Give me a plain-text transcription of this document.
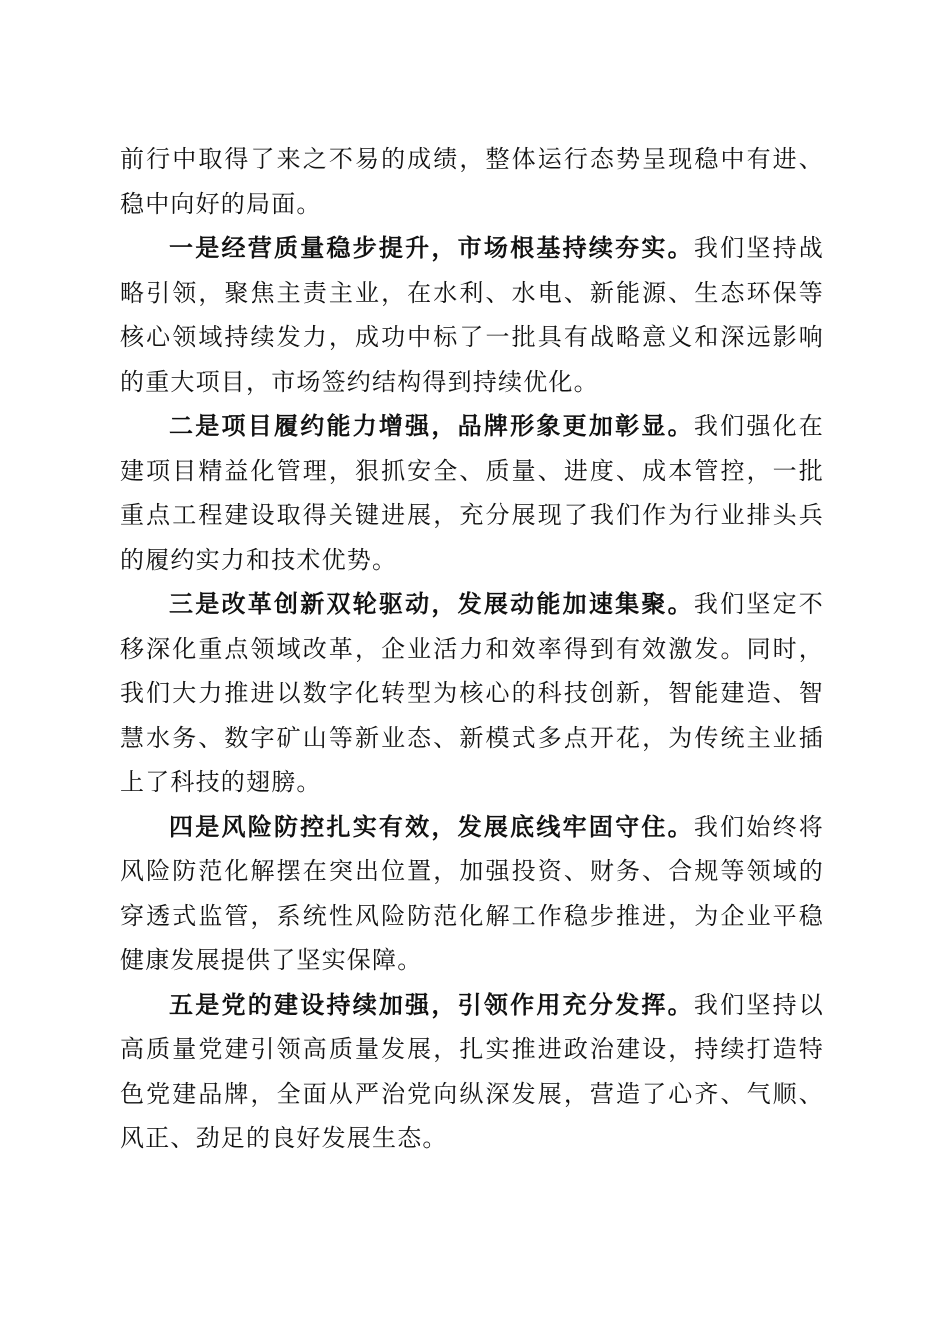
前行中取得了来之不易的成绩，整体运行态势呈现稳中有进、稳中向好的局面。

一是经营质量稳步提升，市场根基持续夯实。我们坚持战略引领，聚焦主责主业，在水利、水电、新能源、生态环保等核心领域持续发力，成功中标了一批具有战略意义和深远影响的重大项目，市场签约结构得到持续优化。

二是项目履约能力增强，品牌形象更加彰显。我们强化在建项目精益化管理，狠抓安全、质量、进度、成本管控，一批重点工程建设取得关键进展，充分展现了我们作为行业排头兵的履约实力和技术优势。

三是改革创新双轮驱动，发展动能加速集聚。我们坚定不移深化重点领域改革，企业活力和效率得到有效激发。同时，我们大力推进以数字化转型为核心的科技创新，智能建造、智慧水务、数字矿山等新业态、新模式多点开花，为传统主业插上了科技的翅膀。

四是风险防控扎实有效，发展底线牢固守住。我们始终将风险防范化解摆在突出位置，加强投资、财务、合规等领域的穿透式监管，系统性风险防范化解工作稳步推进，为企业平稳健康发展提供了坚实保障。

五是党的建设持续加强，引领作用充分发挥。我们坚持以高质量党建引领高质量发展，扎实推进政治建设，持续打造特色党建品牌，全面从严治党向纵深发展，营造了心齐、气顺、风正、劲足的良好发展生态。
